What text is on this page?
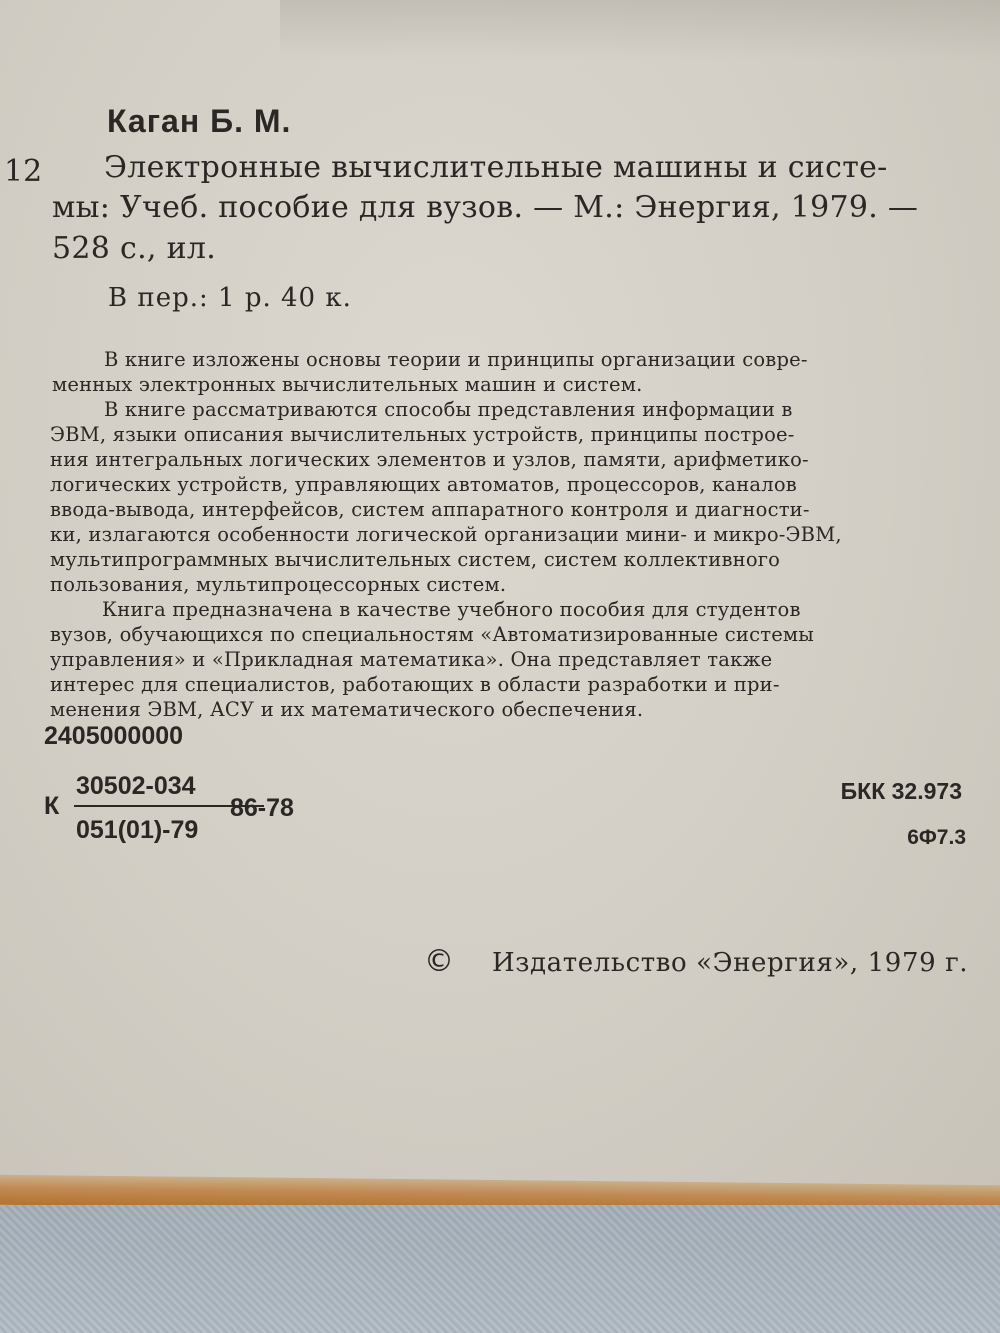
Каган Б. М.

12 Электронные вычислительные машины и систе-

мы: Учеб. пособие для вузов. — М.: Энергия, 1979. —

528 с., ил.

В пер.: 1 р. 40 к.

В книге изложены основы теории и принципы организации совре-

менных электронных вычислительных машин и систем.

В книге рассматриваются способы представления информации в

ЭВМ, языки описания вычислительных устройств, принципы построе-

ния интегральных логических элементов и узлов, памяти, арифметико-

логических устройств, управляющих автоматов, процессоров, каналов

ввода-вывода, интерфейсов, систем аппаратного контроля и диагности-

ки, излагаются особенности логической организации мини- и микро-ЭВМ,

мультипрограммных вычислительных систем, систем коллективного

пользования, мультипроцессорных систем.

Книга предназначена в качестве учебного пособия для студентов

вузов, обучающихся по специальностям «Автоматизированные системы

управления» и «Прикладная математика». Она представляет также

интерес для специалистов, работающих в области разработки и при-

менения ЭВМ, АСУ и их математического обеспечения.

2405000000

К
30502-034
051(01)-79
86-78

БКК 32.973

6Ф7.3

© Издательство «Энергия», 1979 г.
